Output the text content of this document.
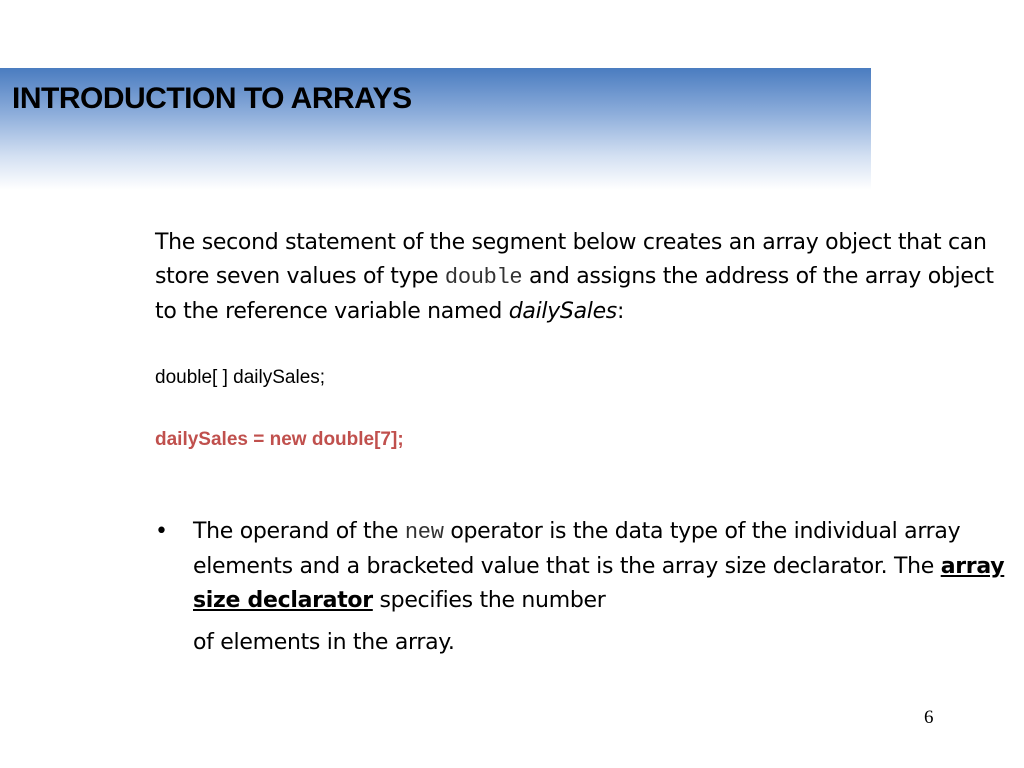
INTRODUCTION TO ARRAYS

The second statement of the segment below creates an array object that can store seven values of type double and assigns the address of the array object to the reference variable named dailySales:

double[ ] dailySales;

dailySales = new double[7];

•	The operand of the new operator is the data type of the individual array elements and a bracketed value that is the array size declarator. The array size declarator specifies the number
of elements in the array.
6
